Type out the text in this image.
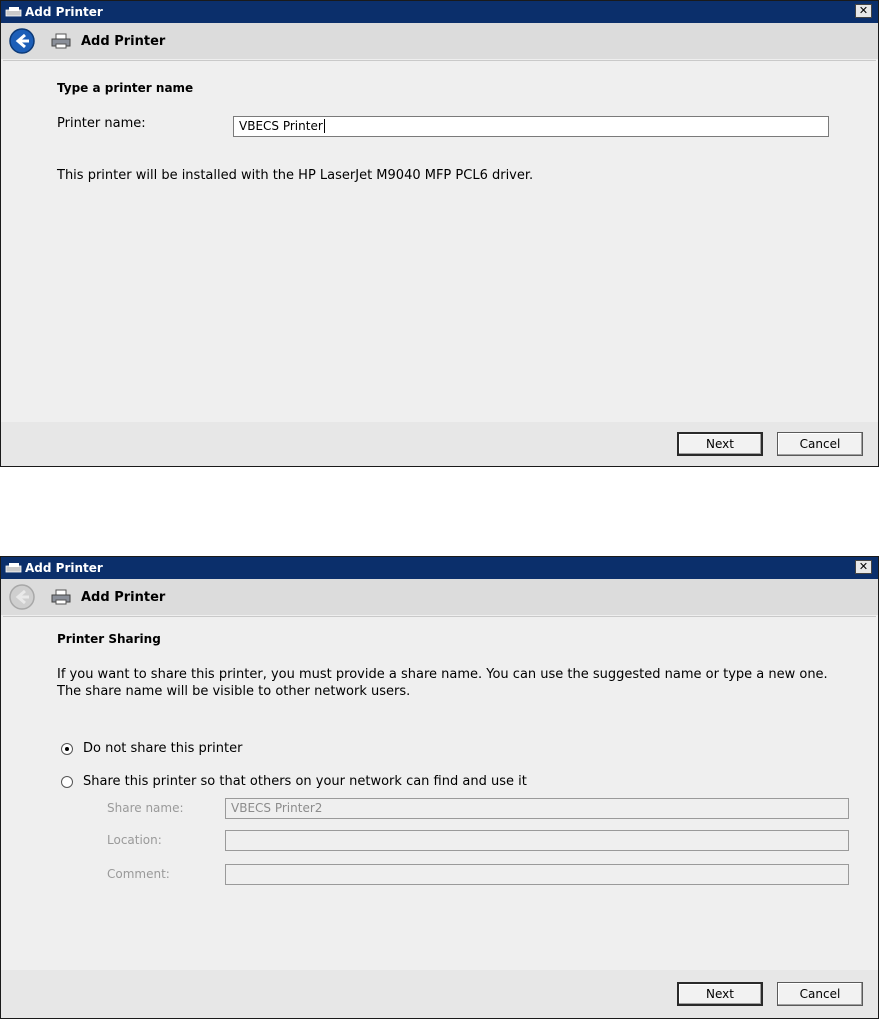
Add Printer	✕
Add Printer
Type a printer name
Printer name:	VBECS Printer
This printer will be installed with the HP LaserJet M9040 MFP PCL6 driver.
Next	Cancel
Add Printer	✕
Add Printer
Printer Sharing
If you want to share this printer, you must provide a share name. You can use the suggested name or type a new one. The share name will be visible to other network users.
Do not share this printer
Share this printer so that others on your network can find and use it
Share name:	VBECS Printer2
Location:
Comment:
Next	Cancel
